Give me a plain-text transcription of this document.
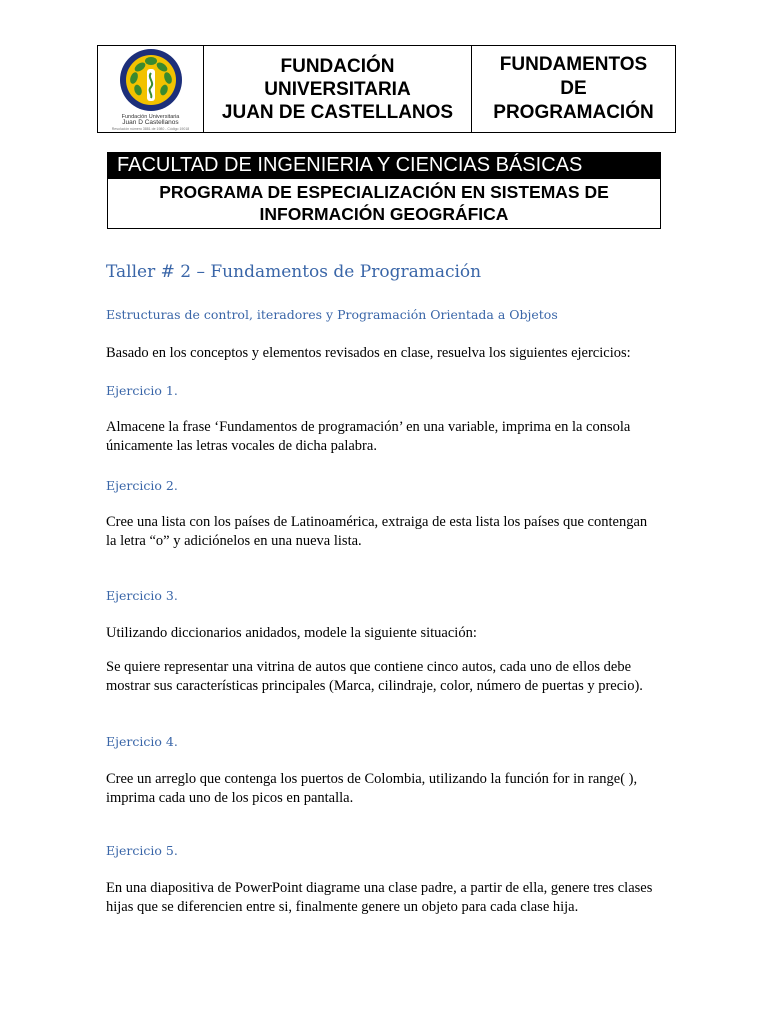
Fundación Universitaria
Juan D Castellanos
Resolución número 3881 de 1980 - Código 19018
FUNDACIÓN
UNIVERSITARIA
JUAN DE CASTELLANOS
FUNDAMENTOS
DE
PROGRAMACIÓN
FACULTAD DE INGENIERIA Y CIENCIAS BÁSICAS
PROGRAMA DE ESPECIALIZACIÓN EN SISTEMAS DE
INFORMACIÓN GEOGRÁFICA
Taller # 2 – Fundamentos de Programación
Estructuras de control, iteradores y Programación Orientada a Objetos
Basado en los conceptos y elementos revisados en clase, resuelva los siguientes ejercicios:
Ejercicio 1.
Almacene la frase ‘Fundamentos de programación’ en una variable, imprima en la consola
únicamente las letras vocales de dicha palabra.
Ejercicio 2.
Cree una lista con los países de Latinoamérica, extraiga de esta lista los países que contengan
la letra “o” y adiciónelos en una nueva lista.
Ejercicio 3.
Utilizando diccionarios anidados, modele la siguiente situación:
Se quiere representar una vitrina de autos que contiene cinco autos, cada uno de ellos debe
mostrar sus características principales (Marca, cilindraje, color, número de puertas y precio).
Ejercicio 4.
Cree un arreglo que contenga los puertos de Colombia, utilizando la función for in range( ),
imprima cada uno de los picos en pantalla.
Ejercicio 5.
En una diapositiva de PowerPoint diagrame una clase padre, a partir de ella, genere tres clases
hijas que se diferencien entre si, finalmente genere un objeto para cada clase hija.
